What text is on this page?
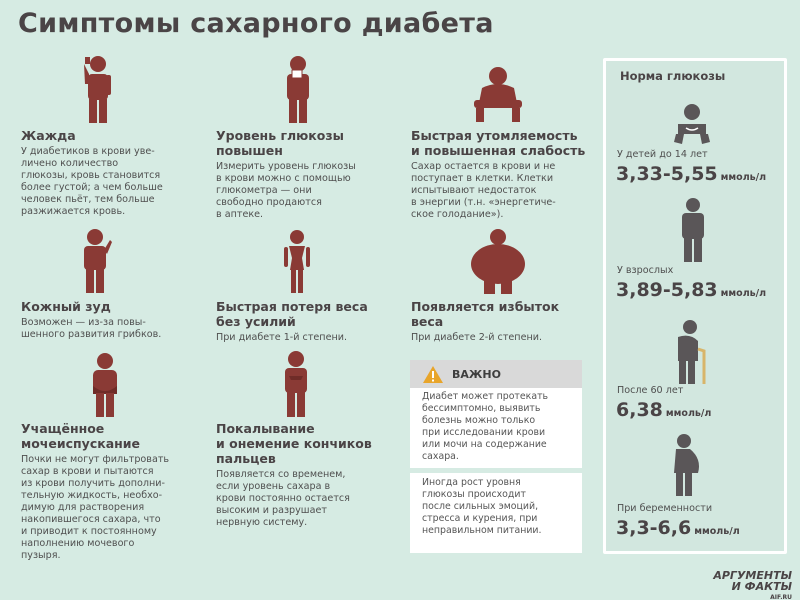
Симптомы сахарного диабета
Жажда
У диабетиков в крови уве-
личено количество
глюкозы, кровь становится
более густой; а чем больше
человек пьёт, тем больше
разжижается кровь.
Уровень глюкозы
повышен
Измерить уровень глюкозы
в крови можно с помощью
глюкометра — они
свободно продаются
в аптеке.
Быстрая утомляемость
и повышенная слабость
Сахар остается в крови и не
поступает в клетки. Клетки
испытывают недостаток
в энергии (т.н. «энергетиче-
ское голодание»).
Кожный зуд
Возможен — из-за повы-
шенного развития грибков.
Быстрая потеря веса
без усилий
При диабете 1-й степени.
Появляется избыток
веса
При диабете 2-й степени.
Учащённое
мочеиспускание
Почки не могут фильтровать
сахар в крови и пытаются
из крови получить дополни-
тельную жидкость, необхо-
димую для растворения
накопившегося сахара, что
и приводит к постоянному
наполнению мочевого
пузыря.
Покалывание
и онемение кончиков
пальцев
Появляется со временем,
если уровень сахара в
крови постоянно остается
высоким и разрушает
нервную систему.
ВАЖНО
Диабет может протекать
бессимптомно, выявить
болезнь можно только
при исследовании крови
или мочи на содержание
сахара.
Иногда рост уровня
глюкозы происходит
после сильных эмоций,
стресса и курения, при
неправильном питании.
Норма глюкозы
У детей до 14 лет
3,33-5,55 ммоль/л
У взрослых
3,89-5,83 ммоль/л
После 60 лет
6,38 ммоль/л
При беременности
3,3-6,6 ммоль/л
АРГУМЕНТЫ
И ФАКТЫ
AIF.RU
